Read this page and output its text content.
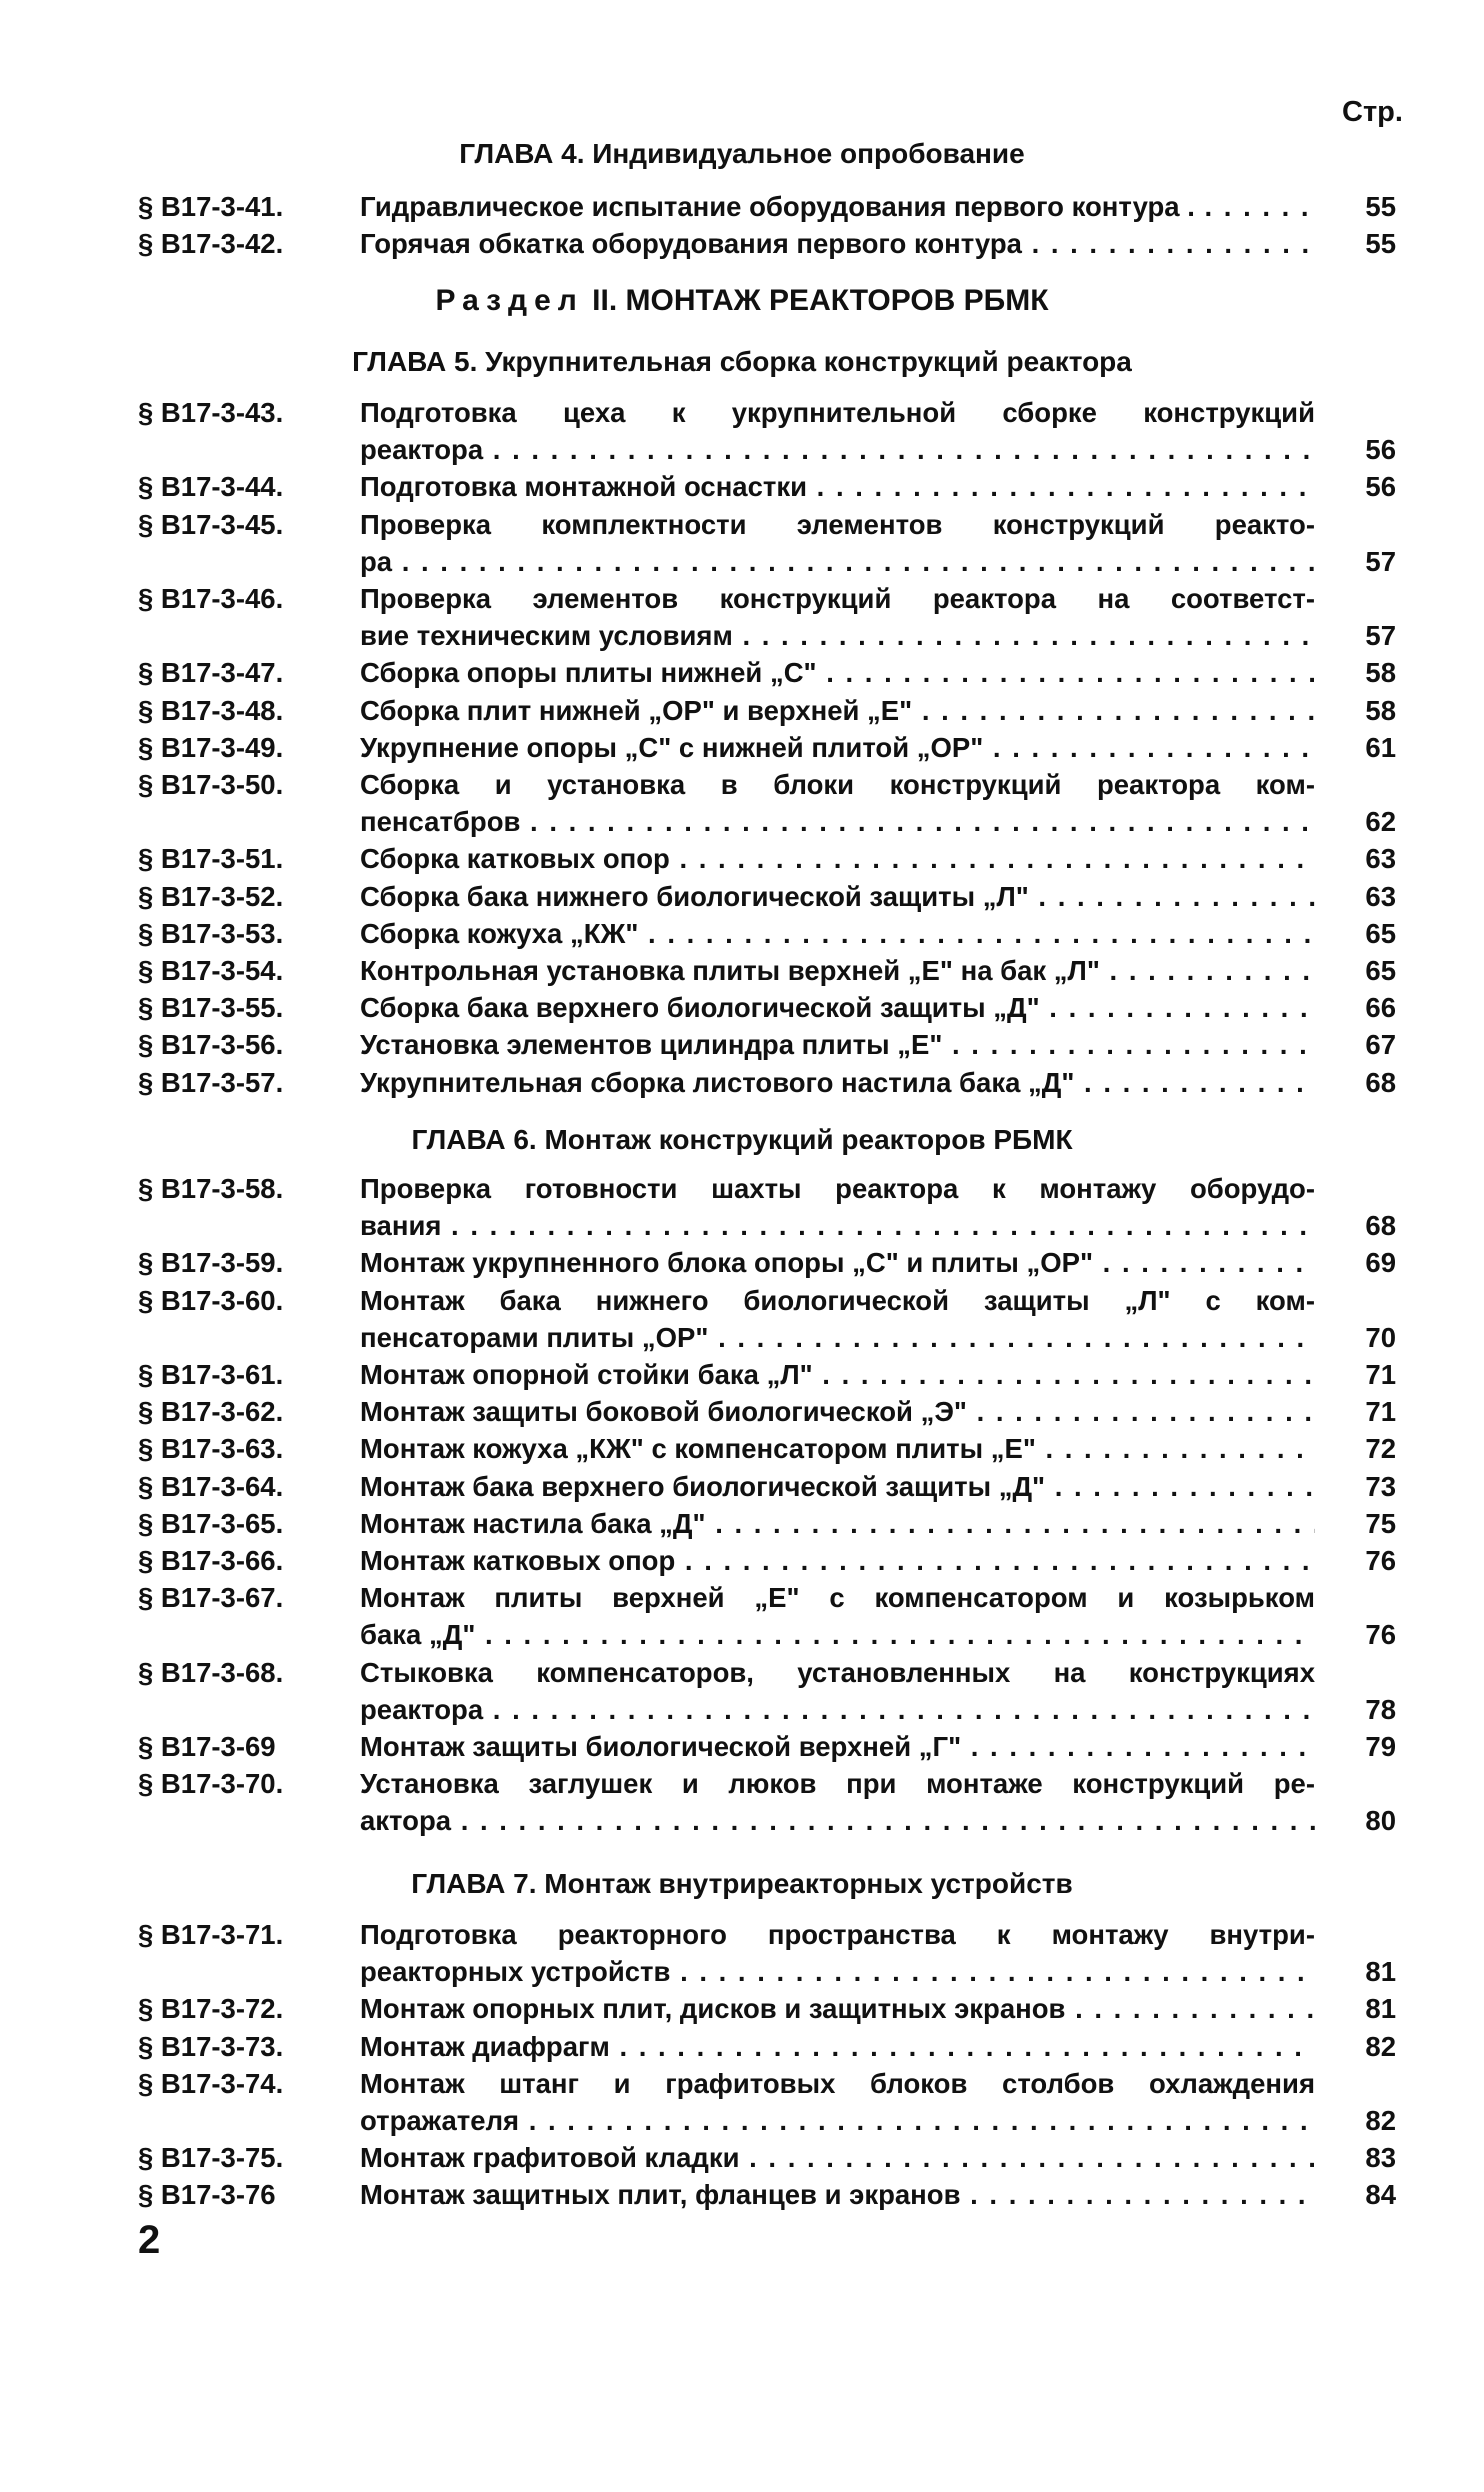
Стр.
ГЛАВА 4. Индивидуальное опробование
§ В17-3-41.	Гидравлическое испытание оборудования первого контура . . . .	55
§ В17-3-42.	Горячая обкатка оборудования первого контура . . .	55
Раздел II. МОНТАЖ РЕАКТОРОВ РБМК
ГЛАВА 5. Укрупнительная сборка конструкций реактора
§ В17-3-43.	Подготовка цеха к укрупнительной сборке конструкций
реактора . . .	56
§ В17-3-44.	Подготовка монтажной оснастки . . .	56
§ В17-3-45.	Проверка комплектности элементов конструкций реакто-
ра . . .	57
§ В17-3-46.	Проверка элементов конструкций реактора на соответст-
вие техническим условиям . . .	57
§ В17-3-47.	Сборка опоры плиты нижней „С" . . .	58
§ В17-3-48.	Сборка плит нижней „ОР" и верхней „Е" . . .	58
§ В17-3-49.	Укрупнение опоры „С" с нижней плитой „ОР" . . .	61
§ В17-3-50.	Сборка и установка в блоки конструкций реактора ком-
пенсатбров . . .	62
§ В17-3-51.	Сборка катковых опор . . .	63
§ В17-3-52.	Сборка бака нижнего биологической защиты „Л" . . .	63
§ В17-3-53.	Сборка кожуха „КЖ" . . .	65
§ В17-3-54.	Контрольная установка плиты верхней „Е" на бак „Л" . . .	65
§ В17-3-55.	Сборка бака верхнего биологической защиты „Д" . . .	66
§ В17-3-56.	Установка элементов цилиндра плиты „Е" . . .	67
§ В17-3-57.	Укрупнительная сборка листового настила бака „Д" . . .	68
ГЛАВА 6. Монтаж конструкций реакторов РБМК
§ В17-3-58.	Проверка готовности шахты реактора к монтажу оборудо-
вания . . .	68
§ В17-3-59.	Монтаж укрупненного блока опоры „С" и плиты „ОР" . . .	69
§ В17-3-60.	Монтаж бака нижнего биологической защиты „Л" с ком-
пенсаторами плиты „ОР" . . .	70
§ В17-3-61.	Монтаж опорной стойки бака „Л" . . .	71
§ В17-3-62.	Монтаж защиты боковой биологической „Э" . . .	71
§ В17-3-63.	Монтаж кожуха „КЖ" с компенсатором плиты „Е" . . .	72
§ В17-3-64.	Монтаж бака верхнего биологической защиты „Д" . . .	73
§ В17-3-65.	Монтаж настила бака „Д" . . .	75
§ В17-3-66.	Монтаж катковых опор . . .	76
§ В17-3-67.	Монтаж плиты верхней „Е" с компенсатором и козырьком
бака „Д" . . .	76
§ В17-3-68.	Стыковка компенсаторов, установленных на конструкциях
реактора . . .	78
§ В17-3-69	Монтаж защиты биологической верхней „Г" . . .	79
§ В17-3-70.	Установка заглушек и люков при монтаже конструкций ре-
актора . . .	80
ГЛАВА 7. Монтаж внутриреакторных устройств
§ В17-3-71.	Подготовка реакторного пространства к монтажу внутри-
реакторных устройств . . .	81
§ В17-3-72.	Монтаж опорных плит, дисков и защитных экранов . . .	81
§ В17-3-73.	Монтаж диафрагм . . .	82
§ В17-3-74.	Монтаж штанг и графитовых блоков столбов охлаждения
отражателя . . .	82
§ В17-3-75.	Монтаж графитовой кладки . . .	83
§ В17-3-76	Монтаж защитных плит, фланцев и экранов . . .	84
2
